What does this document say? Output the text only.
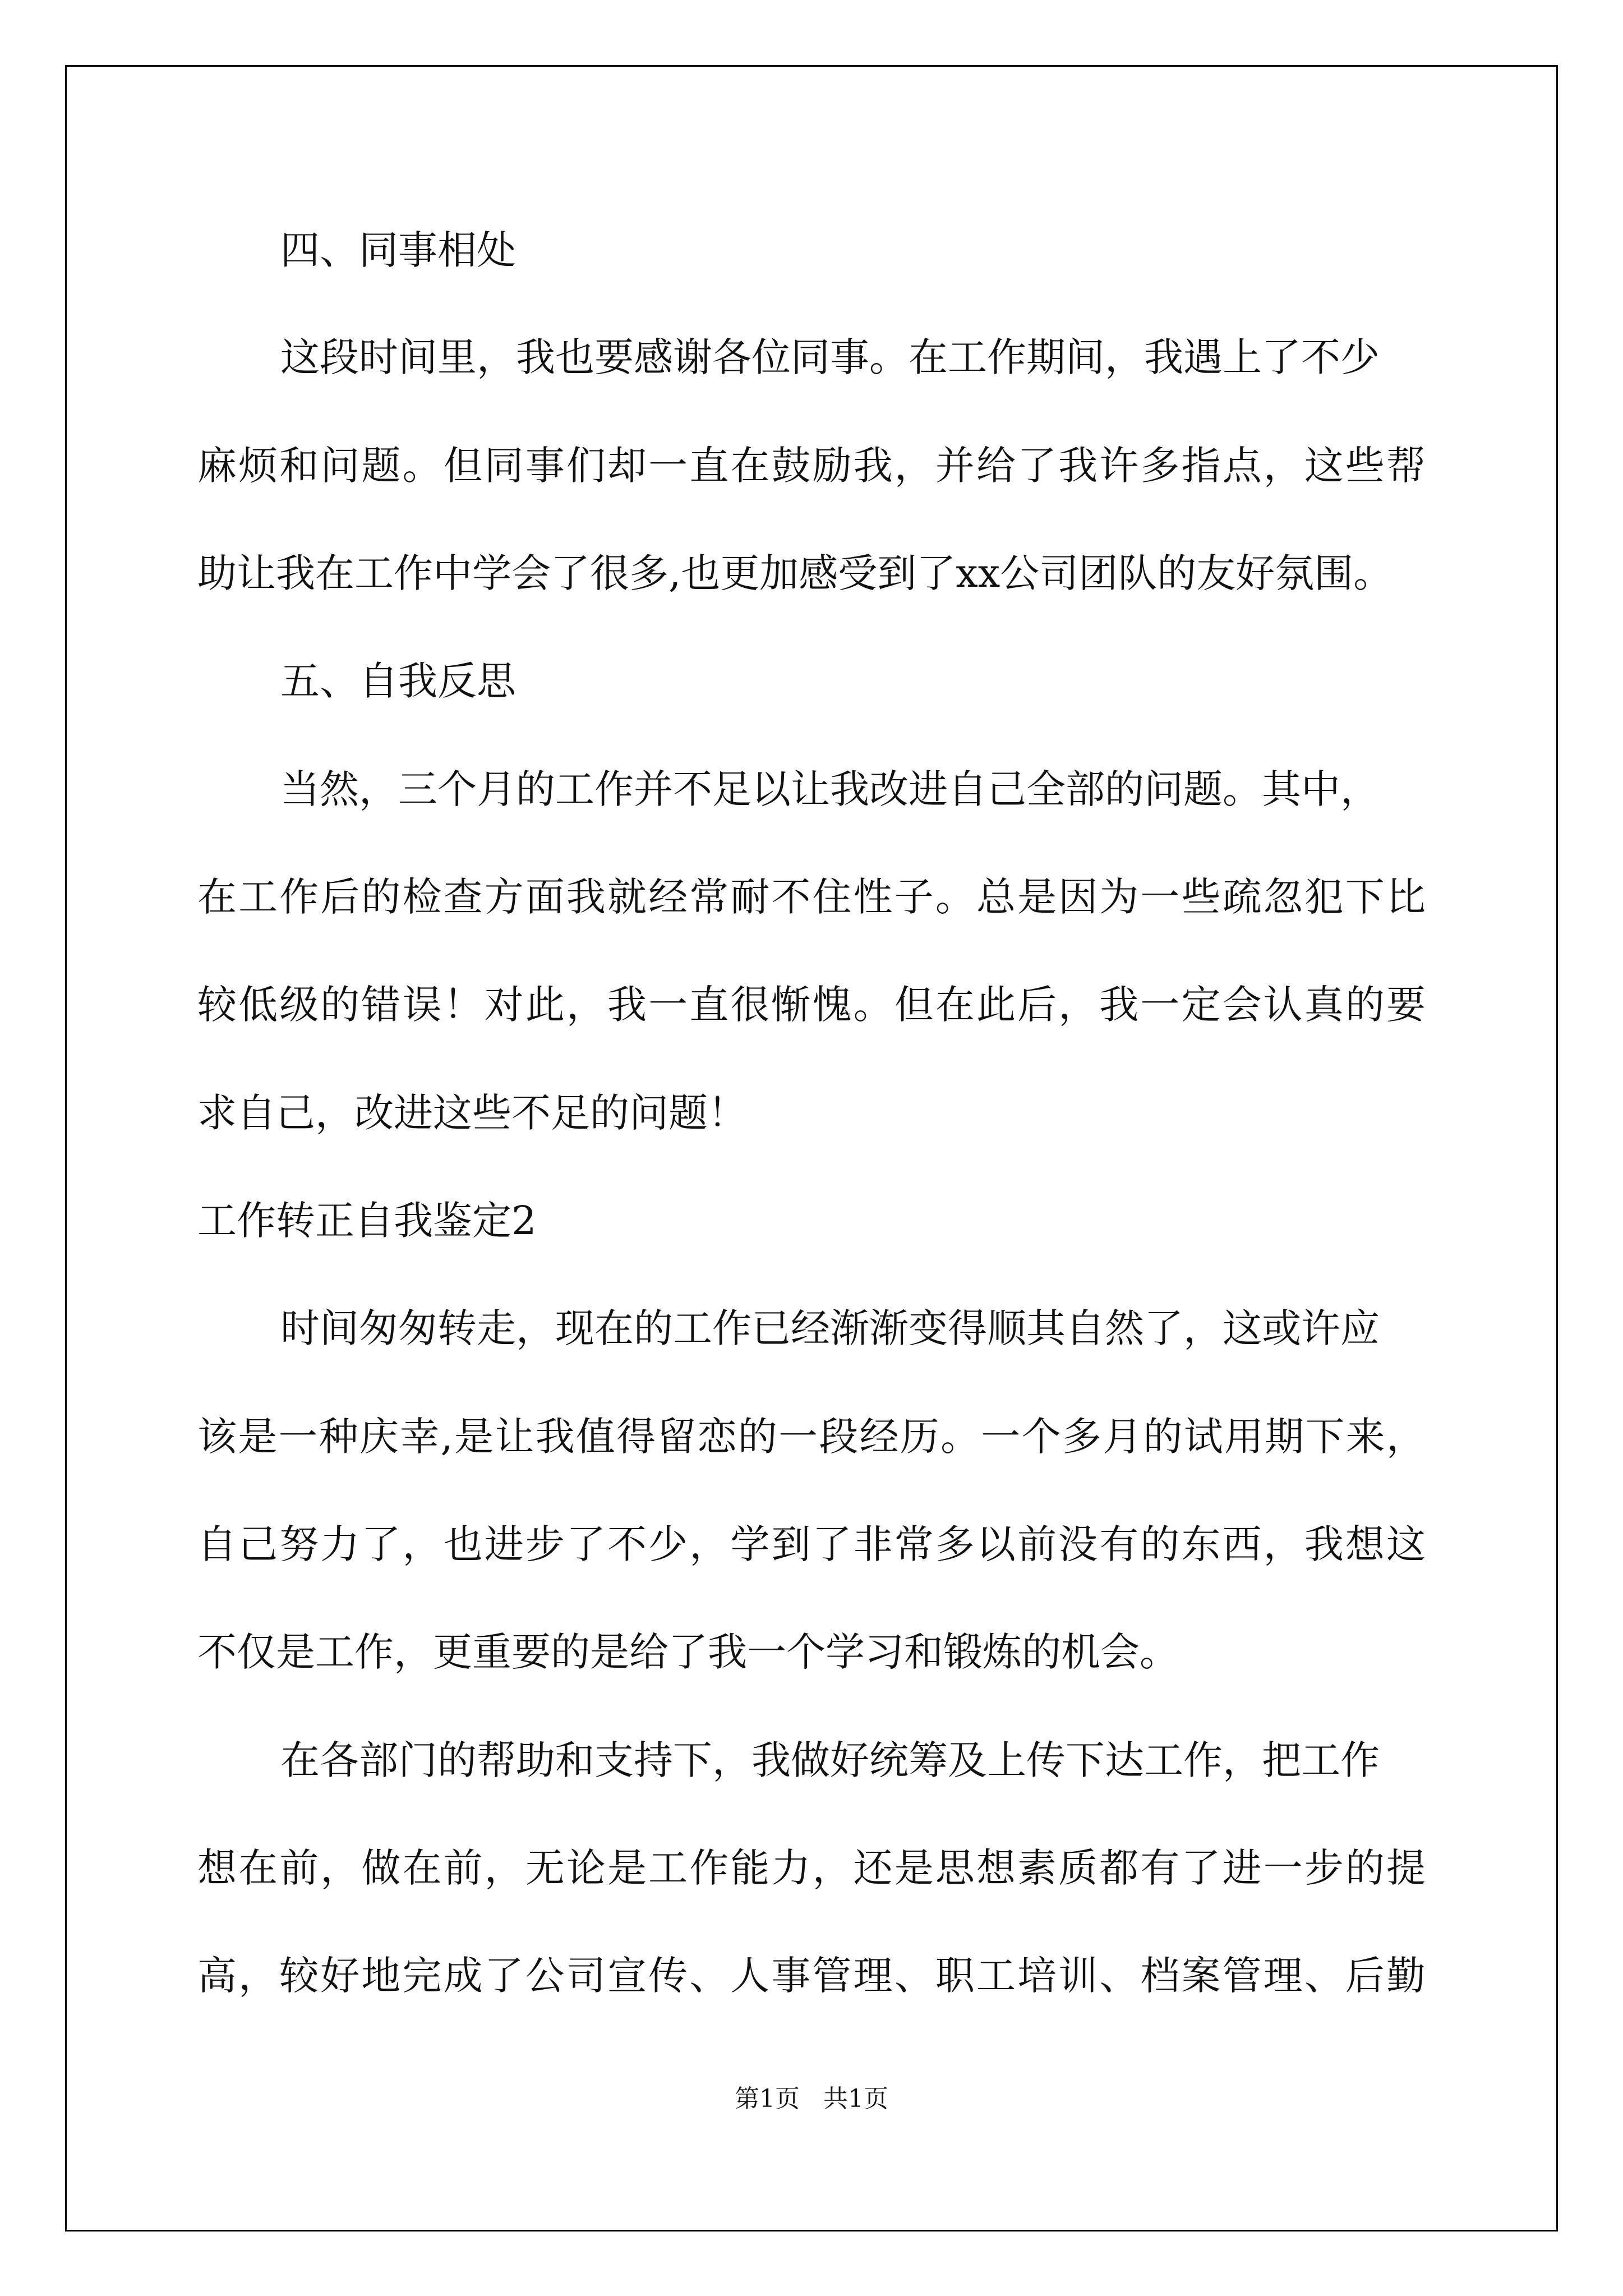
四、同事相处
这段时间里，我也要感谢各位同事。在工作期间，我遇上了不少
麻烦和问题。但同事们却一直在鼓励我，并给了我许多指点，这些帮
助让我在工作中学会了很多,也更加感受到了xx公司团队的友好氛围。
五、自我反思
当然，三个月的工作并不足以让我改进自己全部的问题。其中，
在工作后的检查方面我就经常耐不住性子。总是因为一些疏忽犯下比
较低级的错误！对此，我一直很惭愧。但在此后，我一定会认真的要
求自己，改进这些不足的问题！
工作转正自我鉴定2
时间匆匆转走，现在的工作已经渐渐变得顺其自然了，这或许应
该是一种庆幸,是让我值得留恋的一段经历。一个多月的试用期下来，
自己努力了，也进步了不少，学到了非常多以前没有的东西，我想这
不仅是工作，更重要的是给了我一个学习和锻炼的机会。
在各部门的帮助和支持下，我做好统筹及上传下达工作，把工作
想在前，做在前，无论是工作能力，还是思想素质都有了进一步的提
高，较好地完成了公司宣传、人事管理、职工培训、档案管理、后勤
第1页   共1页
